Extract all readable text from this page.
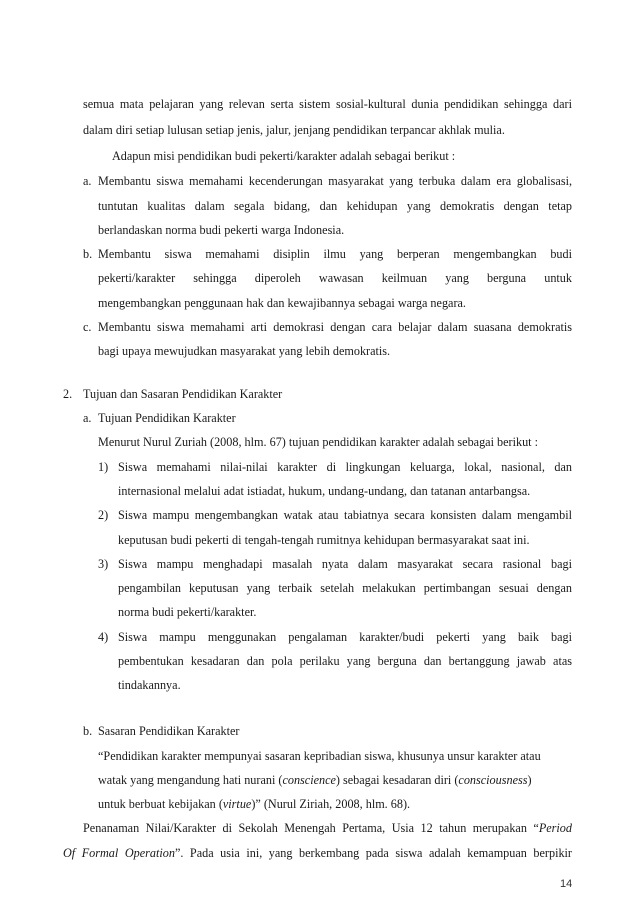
semua mata pelajaran yang relevan serta sistem sosial-kultural dunia pendidikan sehingga dari
dalam diri setiap lulusan setiap jenis, jalur, jenjang pendidikan terpancar akhlak mulia.
Adapun misi pendidikan budi pekerti/karakter adalah sebagai berikut :
a. Membantu siswa memahami kecenderungan masyarakat yang terbuka dalam era globalisasi,
tuntutan kualitas dalam segala bidang, dan kehidupan yang demokratis dengan tetap
berlandaskan norma budi pekerti warga Indonesia.
b. Membantu siswa memahami disiplin ilmu yang berperan mengembangkan budi
pekerti/karakter sehingga diperoleh wawasan keilmuan yang berguna untuk
mengembangkan penggunaan hak dan kewajibannya sebagai warga negara.
c. Membantu siswa memahami arti demokrasi dengan cara belajar dalam suasana demokratis
bagi upaya mewujudkan masyarakat yang lebih demokratis.
2. Tujuan dan Sasaran Pendidikan Karakter
a. Tujuan Pendidikan Karakter
Menurut Nurul Zuriah (2008, hlm. 67) tujuan pendidikan karakter adalah sebagai berikut :
1) Siswa memahami nilai-nilai karakter di lingkungan keluarga, lokal, nasional, dan
internasional melalui adat istiadat, hukum, undang-undang, dan tatanan antarbangsa.
2) Siswa mampu mengembangkan watak atau tabiatnya secara konsisten dalam mengambil
keputusan budi pekerti di tengah-tengah rumitnya kehidupan bermasyarakat saat ini.
3) Siswa mampu menghadapi masalah nyata dalam masyarakat secara rasional bagi
pengambilan keputusan yang terbaik setelah melakukan pertimbangan sesuai dengan
norma budi pekerti/karakter.
4) Siswa mampu menggunakan pengalaman karakter/budi pekerti yang baik bagi
pembentukan kesadaran dan pola perilaku yang berguna dan bertanggung jawab atas
tindakannya.
b. Sasaran Pendidikan Karakter
“Pendidikan karakter mempunyai sasaran kepribadian siswa, khusunya unsur karakter atau
watak yang mengandung hati nurani (conscience) sebagai kesadaran diri (consciousness)
untuk berbuat kebijakan (virtue)” (Nurul Ziriah, 2008, hlm. 68).
Penanaman Nilai/Karakter di Sekolah Menengah Pertama, Usia 12 tahun merupakan “Period
Of Formal Operation”. Pada usia ini, yang berkembang pada siswa adalah kemampuan berpikir
14
